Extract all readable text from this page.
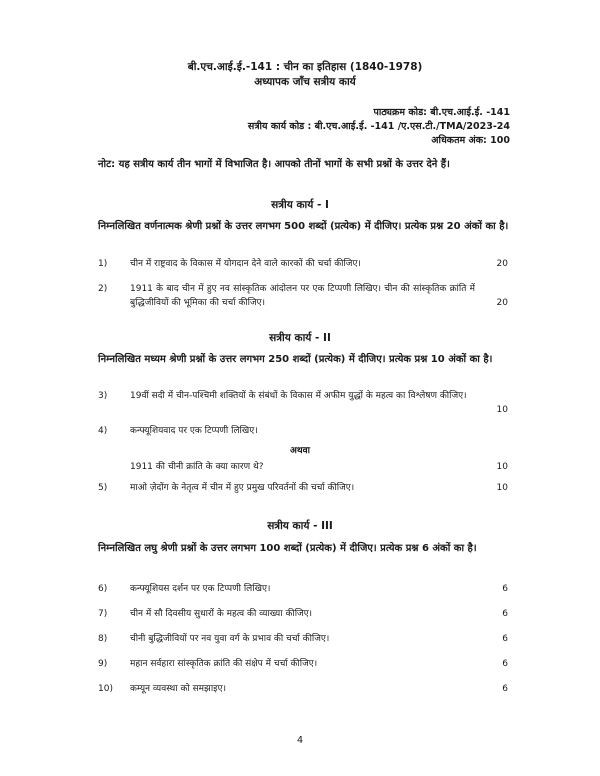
बी.एच.आई.ई.-141 : चीन का इतिहास (1840-1978)
अध्यापक जाँच सत्रीय कार्य
पाठ्यक्रम कोड: बी.एच.आई.ई. -141
सत्रीय कार्य कोड : बी.एच.आई.ई. -141 /ए.एस.टी./TMA/2023-24
अधिकतम अंक: 100
नोट: यह सत्रीय कार्य तीन भागों में विभाजित है। आपको तीनों भागों के सभी प्रश्नों के उत्तर देने हैं।
सत्रीय कार्य - I
निम्नलिखित वर्णनात्मक श्रेणी प्रश्नों के उत्तर लगभग 500 शब्दों (प्रत्येक) में दीजिए। प्रत्येक प्रश्न 20 अंकों का है।
1)	चीन में राष्ट्रवाद के विकास में योगदान देने वाले कारकों की चर्चा कीजिए।	20
2)	1911 के बाद चीन में हुए नव सांस्कृतिक आंदोलन पर एक टिप्पणी लिखिए। चीन की सांस्कृतिक क्रांति में बुद्धिजीवियों की भूमिका की चर्चा कीजिए।	20
सत्रीय कार्य - II
निम्नलिखित मध्यम श्रेणी प्रश्नों के उत्तर लगभग 250 शब्दों (प्रत्येक) में दीजिए। प्रत्येक प्रश्न 10 अंकों का है।
3)	19वीं सदी में चीन-पश्चिमी शक्तियों के संबंधों के विकास में अफीम युद्धों के महत्व का विश्लेषण कीजिए।
10
4)	कन्फ्यूशियवाद पर एक टिप्पणी लिखिए।
अथवा
1911 की चीनी क्रांति के क्या कारण थे?	10
5)	माओ ज़ेदोंग के नेतृत्व में चीन में हुए प्रमुख परिवर्तनों की चर्चा कीजिए।	10
सत्रीय कार्य - III
निम्नलिखित लघु श्रेणी प्रश्नों के उत्तर लगभग 100 शब्दों (प्रत्येक) में दीजिए। प्रत्येक प्रश्न 6 अंकों का है।
6)	कन्फ्यूशियस दर्शन पर एक टिप्पणी लिखिए।	6
7)	चीन में सौ दिवसीय सुधारों के महत्व की व्याख्या कीजिए।	6
8)	चीनी बुद्धिजीवियों पर नव युवा वर्ग के प्रभाव की चर्चा कीजिए।	6
9)	महान सर्वहारा सांस्कृतिक क्रांति की संक्षेप में चर्चा कीजिए।	6
10)	कम्यून व्यवस्था को समझाइए।	6
4
